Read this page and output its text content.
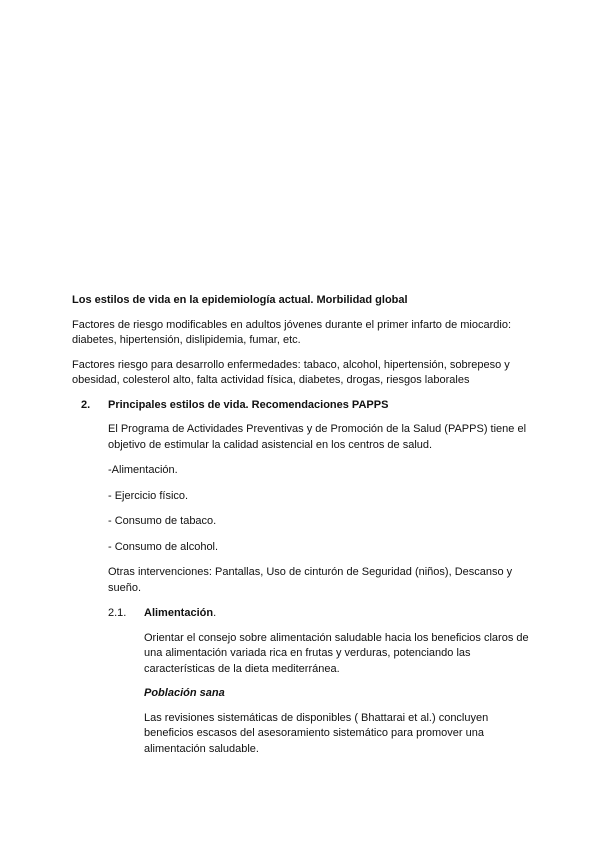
Los estilos de vida en la epidemiología actual. Morbilidad global

Factores de riesgo modificables en adultos jóvenes durante el primer infarto de miocardio: diabetes, hipertensión, dislipidemia, fumar, etc.

Factores riesgo para desarrollo enfermedades: tabaco, alcohol, hipertensión, sobrepeso y obesidad, colesterol alto, falta actividad física, diabetes, drogas, riesgos laborales

2. Principales estilos de vida. Recomendaciones PAPPS

El Programa de Actividades Preventivas y de Promoción de la Salud (PAPPS) tiene el objetivo de estimular la calidad asistencial en los centros de salud.

-Alimentación.

- Ejercicio físico.

- Consumo de tabaco.

- Consumo de alcohol.

Otras intervenciones: Pantallas, Uso de cinturón de Seguridad (niños), Descanso y sueño.

2.1. Alimentación.

Orientar el consejo sobre alimentación saludable hacia los beneficios claros de una alimentación variada rica en frutas y verduras, potenciando las características de la dieta mediterránea.

Población sana

Las revisiones sistemáticas de disponibles ( Bhattarai et al.) concluyen beneficios escasos del asesoramiento sistemático para promover una alimentación saludable.
